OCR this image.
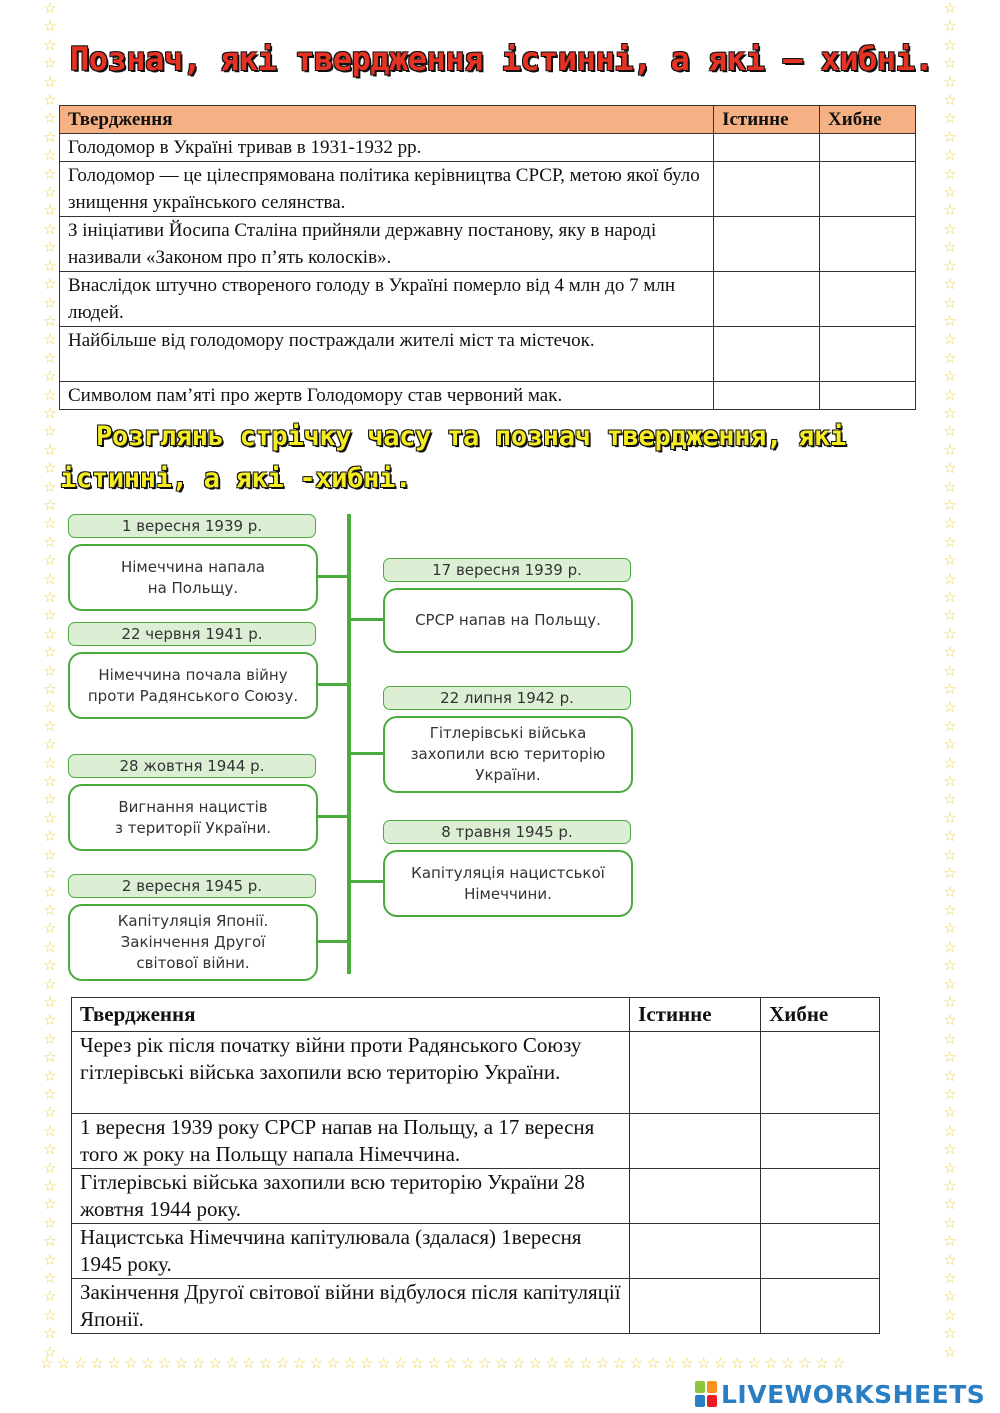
☆
☆
☆
☆
☆
☆
☆
☆
☆
☆
☆
☆
☆
☆
☆
☆
☆
☆
☆
☆
☆
☆
☆
☆
☆
☆
☆
☆
☆
☆
☆
☆
☆
☆
☆
☆
☆
☆
☆
☆
☆
☆
☆
☆
☆
☆
☆
☆
☆
☆
☆
☆
☆
☆
☆
☆
☆
☆
☆
☆
☆
☆
☆
☆
☆
☆
☆
☆
☆
☆
☆
☆
☆
☆
☆
☆
☆
☆
☆
☆
☆
☆
☆
☆
☆
☆
☆
☆
☆
☆
☆
☆
☆
☆
☆
☆
☆
☆
☆
☆
☆
☆
☆
☆
☆
☆
☆
☆
☆
☆
☆
☆
☆
☆
☆
☆
☆
☆
☆
☆
☆
☆
☆
☆
☆
☆
☆
☆
☆
☆
☆
☆
☆
☆
☆
☆
☆
☆
☆
☆
☆
☆
☆
☆
☆
☆
☆
☆
☆☆☆☆☆☆☆☆☆☆☆☆☆☆☆☆☆☆☆☆☆☆☆☆☆☆☆☆☆☆☆☆☆☆☆☆☆☆☆☆☆☆☆☆☆☆☆☆
Познач, які твердження істинні, а які – хибні.
Твердження	Істинне	Хибне
Голодомор в Україні тривав в 1931-1932 рр.		
Голодомор — це цілеспрямована політика керівництва СРСР, метою якої було знищення українського селянства.		
З ініціативи Йосипа Сталіна прийняли державну постанову, яку в народі називали «Законом про п’ять колосків».		
Внаслідок штучно створеного голоду в Україні померло від 4 млн до 7 млн людей.		
Найбільше від голодомору постраждали жителі міст та містечок.		
Символом пам’яті про жертв Голодомору став червоний мак.		
Розглянь стрічку часу та познач твердження, які
істинні, а які -хибні.
1 вересня 1939 р.
Німеччина напала
на Польщу.
22 червня 1941 р.
Німеччина почала війну
проти Радянського Союзу.
28 жовтня 1944 р.
Вигнання нацистів
з території України.
2 вересня 1945 р.
Капітуляція Японії.
Закінчення Другої
світової війни.
17 вересня 1939 р.
СРСР напав на Польщу.
22 липня 1942 р.
Гітлерівські війська
захопили всю територію
України.
8 травня 1945 р.
Капітуляція нацистської
Німеччини.
Твердження	Істинне	Хибне
Через рік після початку війни проти Радянського Союзу гітлерівські війська захопили всю територію України.		
1 вересня 1939 року СРСР напав на Польщу, а 17 вересня того ж року на Польщу напала Німеччина.		
Гітлерівські війська захопили всю територію України 28 жовтня 1944 року.		
Нацистська Німеччина капітулювала (здалася) 1вересня 1945 року.		
Закінчення Другої світової війни відбулося після капітуляції Японії.		
LIVEWORKSHEETS
